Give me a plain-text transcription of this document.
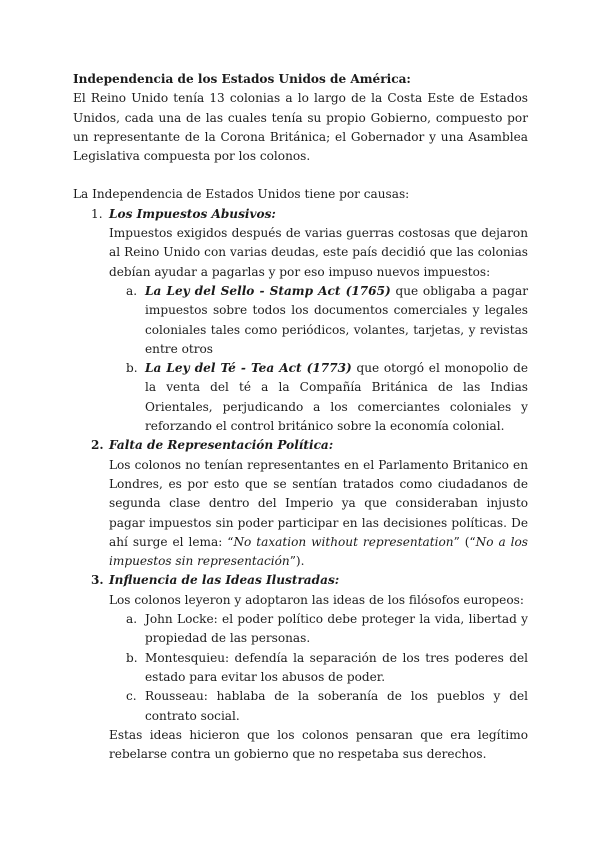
Independencia de los Estados Unidos de América:

El Reino Unido tenía 13 colonias a lo largo de la Costa Este de Estados Unidos, cada una de las cuales tenía su propio Gobierno, compuesto por un representante de la Corona Británica; el Gobernador y una Asamblea Legislativa compuesta por los colonos.

La Independencia de Estados Unidos tiene por causas:

1. Los Impuestos Abusivos:

Impuestos exigidos después de varias guerras costosas que dejaron al Reino Unido con varias deudas, este país decidió que las colonias debían ayudar a pagarlas y por eso impuso nuevos impuestos:

a. La Ley del Sello - Stamp Act (1765) que obligaba a pagar impuestos sobre todos los documentos comerciales y legales coloniales tales como periódicos, volantes, tarjetas, y revistas entre otros

b. La Ley del Té - Tea Act (1773) que otorgó el monopolio de la venta del té a la Compañía Británica de las Indias Orientales, perjudicando a los comerciantes coloniales y reforzando el control británico sobre la economía colonial.

2. Falta de Representación Política:

Los colonos no tenían representantes en el Parlamento Britanico en Londres, es por esto que se sentían tratados como ciudadanos de segunda clase dentro del Imperio ya que consideraban injusto pagar impuestos sin poder participar en las decisiones políticas. De ahí surge el lema: “No taxation without representation” (“No a los impuestos sin representación”).

3. Influencia de las Ideas Ilustradas:

Los colonos leyeron y adoptaron las ideas de los filósofos europeos:

a. John Locke: el poder político debe proteger la vida, libertad y propiedad de las personas.

b. Montesquieu: defendía la separación de los tres poderes del estado para evitar los abusos de poder.

c. Rousseau: hablaba de la soberanía de los pueblos y del contrato social.

Estas ideas hicieron que los colonos pensaran que era legítimo rebelarse contra un gobierno que no respetaba sus derechos.
